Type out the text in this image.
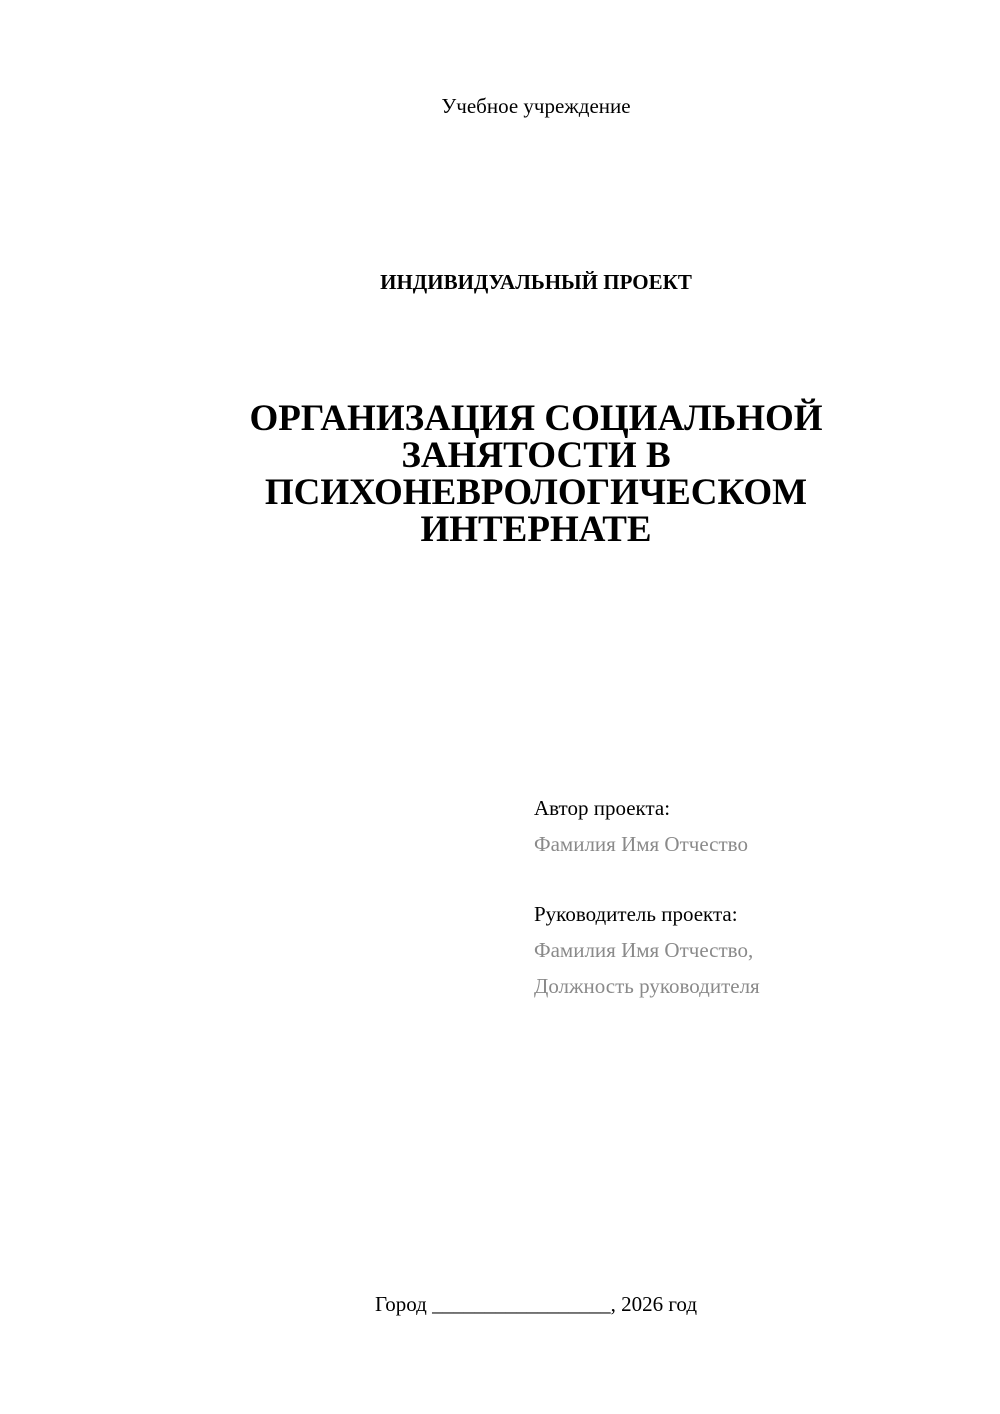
Учебное учреждение
ИНДИВИДУАЛЬНЫЙ ПРОЕКТ
ОРГАНИЗАЦИЯ СОЦИАЛЬНОЙ
ЗАНЯТОСТИ В
ПСИХОНЕВРОЛОГИЧЕСКОМ
ИНТЕРНАТЕ
Автор проекта:
Фамилия Имя Отчество
Руководитель проекта:
Фамилия Имя Отчество,
Должность руководителя
Город _________________, 2026 год
